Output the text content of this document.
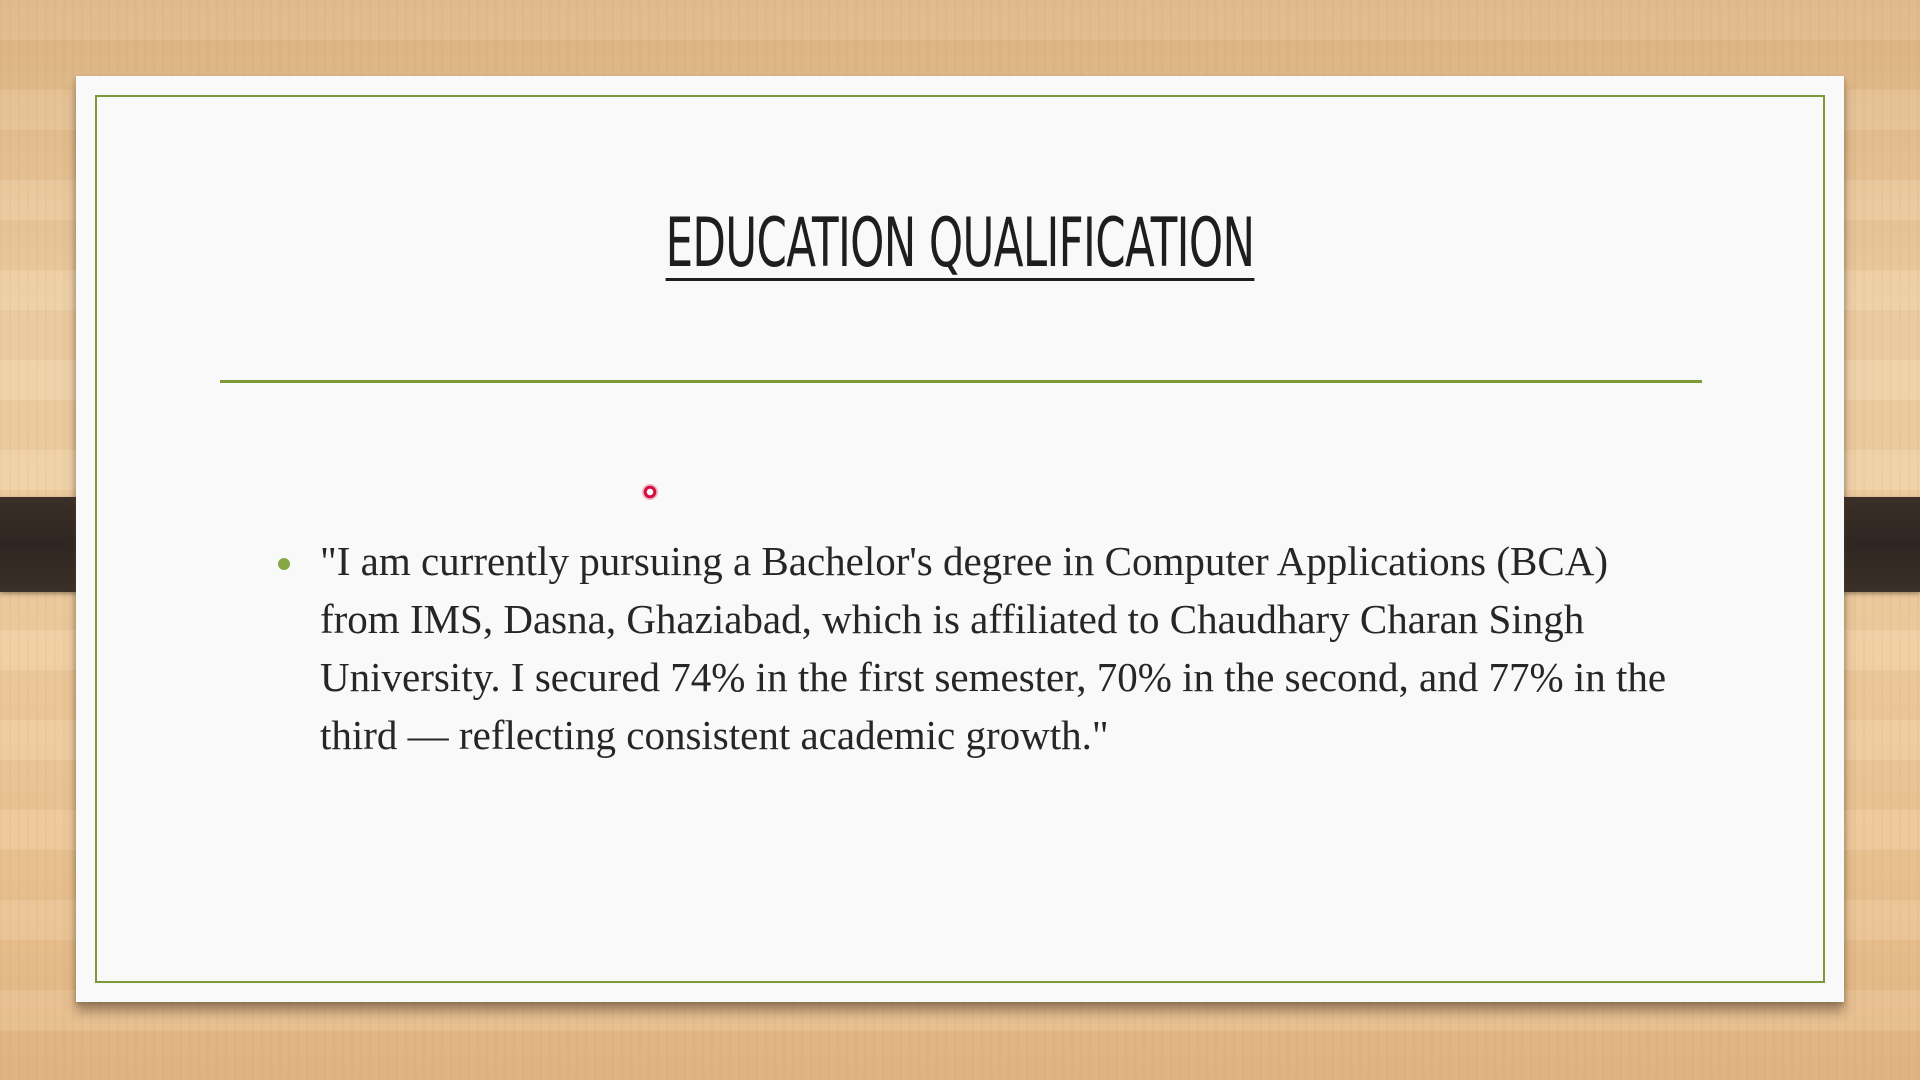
EDUCATION QUALIFICATION

"I am currently pursuing a Bachelor's degree in Computer Applications (BCA) from IMS, Dasna, Ghaziabad, which is affiliated to Chaudhary Charan Singh University. I secured 74% in the first semester, 70% in the second, and 77% in the third — reflecting consistent academic growth."
